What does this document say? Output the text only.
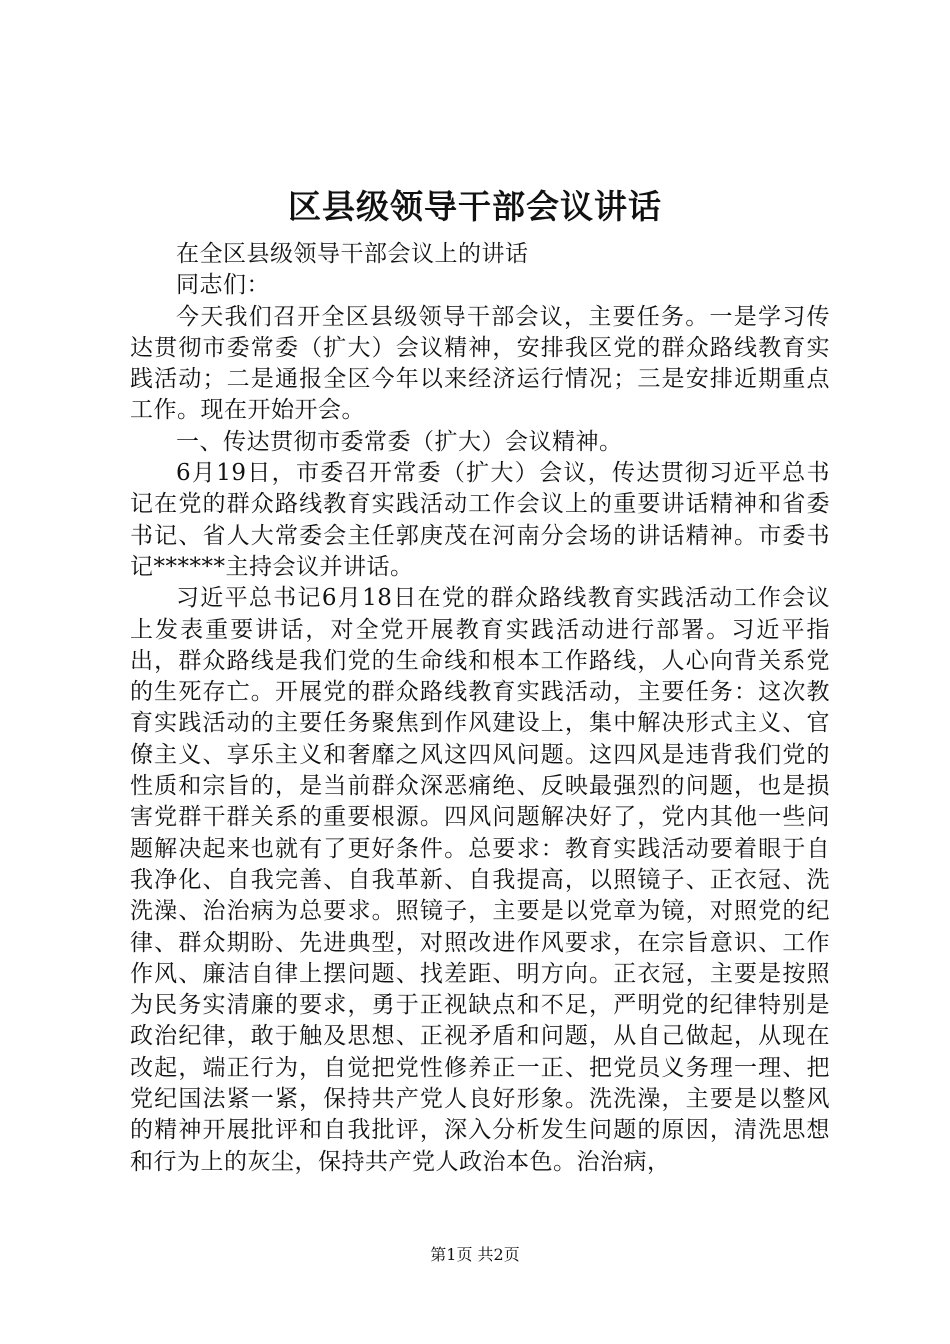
区县级领导干部会议讲话

在全区县级领导干部会议上的讲话

同志们：

今天我们召开全区县级领导干部会议，主要任务。一是学习传达贯彻市委常委（扩大）会议精神，安排我区党的群众路线教育实践活动；二是通报全区今年以来经济运行情况；三是安排近期重点工作。现在开始开会。

一、传达贯彻市委常委（扩大）会议精神。

6月19日，市委召开常委（扩大）会议，传达贯彻习近平总书记在党的群众路线教育实践活动工作会议上的重要讲话精神和省委书记、省人大常委会主任郭庚茂在河南分会场的讲话精神。市委书记******主持会议并讲话。

习近平总书记6月18日在党的群众路线教育实践活动工作会议上发表重要讲话，对全党开展教育实践活动进行部署。习近平指出，群众路线是我们党的生命线和根本工作路线，人心向背关系党的生死存亡。开展党的群众路线教育实践活动，主要任务：这次教育实践活动的主要任务聚焦到作风建设上，集中解决形式主义、官僚主义、享乐主义和奢靡之风这四风问题。这四风是违背我们党的性质和宗旨的，是当前群众深恶痛绝、反映最强烈的问题，也是损害党群干群关系的重要根源。四风问题解决好了，党内其他一些问题解决起来也就有了更好条件。总要求：教育实践活动要着眼于自我净化、自我完善、自我革新、自我提高，以照镜子、正衣冠、洗洗澡、治治病为总要求。照镜子，主要是以党章为镜，对照党的纪律、群众期盼、先进典型，对照改进作风要求，在宗旨意识、工作作风、廉洁自律上摆问题、找差距、明方向。正衣冠，主要是按照为民务实清廉的要求，勇于正视缺点和不足，严明党的纪律特别是政治纪律，敢于触及思想、正视矛盾和问题，从自己做起，从现在改起，端正行为，自觉把党性修养正一正、把党员义务理一理、把党纪国法紧一紧，保持共产党人良好形象。洗洗澡，主要是以整风的精神开展批评和自我批评，深入分析发生问题的原因，清洗思想和行为上的灰尘，保持共产党人政治本色。治治病，

第1页 共2页
